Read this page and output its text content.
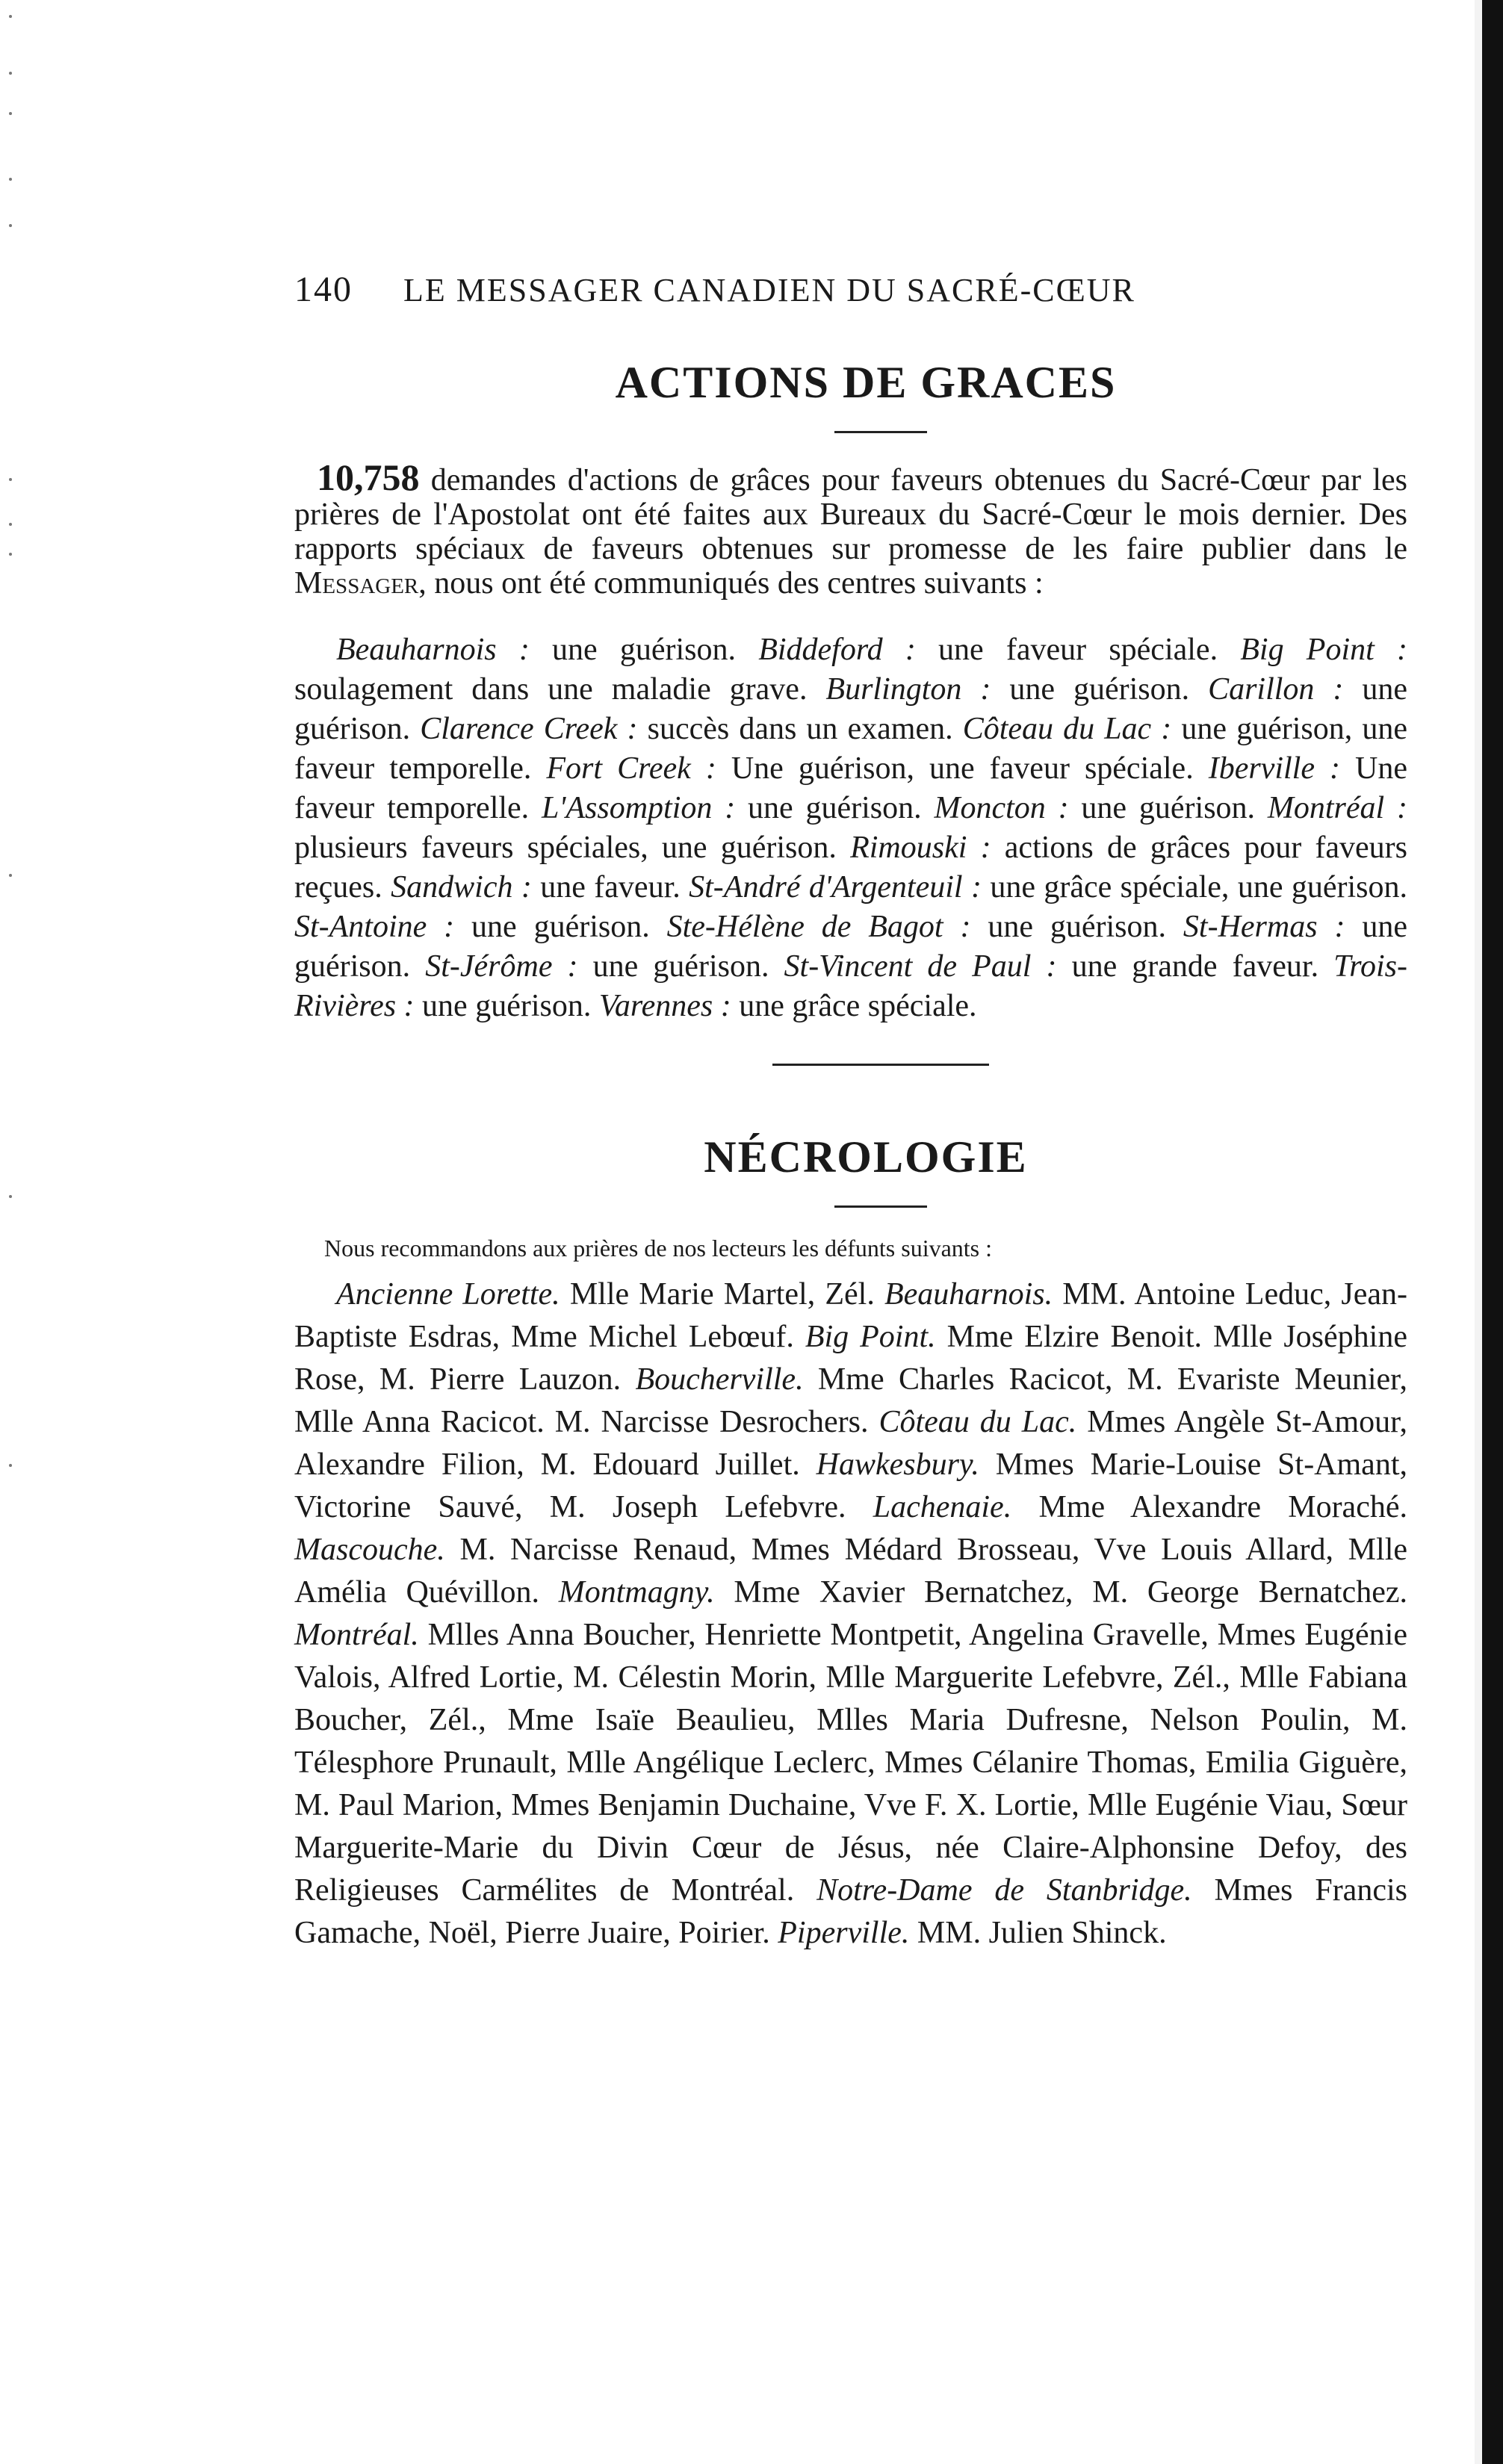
140	LE MESSAGER CANADIEN DU SACRÉ-CŒUR
ACTIONS DE GRACES

10,758 demandes d'actions de grâces pour faveurs obtenues du Sacré-Cœur par les prières de l'Apostolat ont été faites aux Bureaux du Sacré-Cœur le mois dernier. Des rapports spéciaux de faveurs obtenues sur promesse de les faire publier dans le Messager, nous ont été communiqués des centres suivants :

Beauharnois : une guérison. Biddeford : une faveur spéciale. Big Point : soulagement dans une maladie grave. Burlington : une guérison. Carillon : une guérison. Clarence Creek : succès dans un examen. Côteau du Lac : une guérison, une faveur temporelle. Fort Creek : Une guérison, une faveur spéciale. Iberville : Une faveur temporelle. L'Assomption : une guérison. Moncton : une guérison. Montréal : plusieurs faveurs spéciales, une guérison. Rimouski : actions de grâces pour faveurs reçues. Sandwich : une faveur. St-André d'Argenteuil : une grâce spéciale, une guérison. St-Antoine : une guérison. Ste-Hélène de Bagot : une guérison. St-Hermas : une guérison. St-Jérôme : une guérison. St-Vincent de Paul : une grande faveur. Trois-Rivières : une guérison. Varennes : une grâce spéciale.

NÉCROLOGIE

Nous recommandons aux prières de nos lecteurs les défunts suivants :

Ancienne Lorette. Mlle Marie Martel, Zél. Beauharnois. MM. Antoine Leduc, Jean-Baptiste Esdras, Mme Michel Lebœuf. Big Point. Mme Elzire Benoit. Mlle Joséphine Rose, M. Pierre Lauzon. Boucherville. Mme Charles Racicot, M. Evariste Meunier, Mlle Anna Racicot. M. Narcisse Desrochers. Côteau du Lac. Mmes Angèle St-Amour, Alexandre Filion, M. Edouard Juillet. Hawkesbury. Mmes Marie-Louise St-Amant, Victorine Sauvé, M. Joseph Lefebvre. Lachenaie. Mme Alexandre Moraché. Mascouche. M. Narcisse Renaud, Mmes Médard Brosseau, Vve Louis Allard, Mlle Amélia Quévillon. Montmagny. Mme Xavier Bernatchez, M. George Bernatchez. Montréal. Mlles Anna Boucher, Henriette Montpetit, Angelina Gravelle, Mmes Eugénie Valois, Alfred Lortie, M. Célestin Morin, Mlle Marguerite Lefebvre, Zél., Mlle Fabiana Boucher, Zél., Mme Isaïe Beaulieu, Mlles Maria Dufresne, Nelson Poulin, M. Télesphore Prunault, Mlle Angélique Leclerc, Mmes Célanire Thomas, Emilia Giguère, M. Paul Marion, Mmes Benjamin Duchaine, Vve F. X. Lortie, Mlle Eugénie Viau, Sœur Marguerite-Marie du Divin Cœur de Jésus, née Claire-Alphonsine Defoy, des Religieuses Carmélites de Montréal. Notre-Dame de Stanbridge. Mmes Francis Gamache, Noël, Pierre Juaire, Poirier. Piperville. MM. Julien Shinck.
